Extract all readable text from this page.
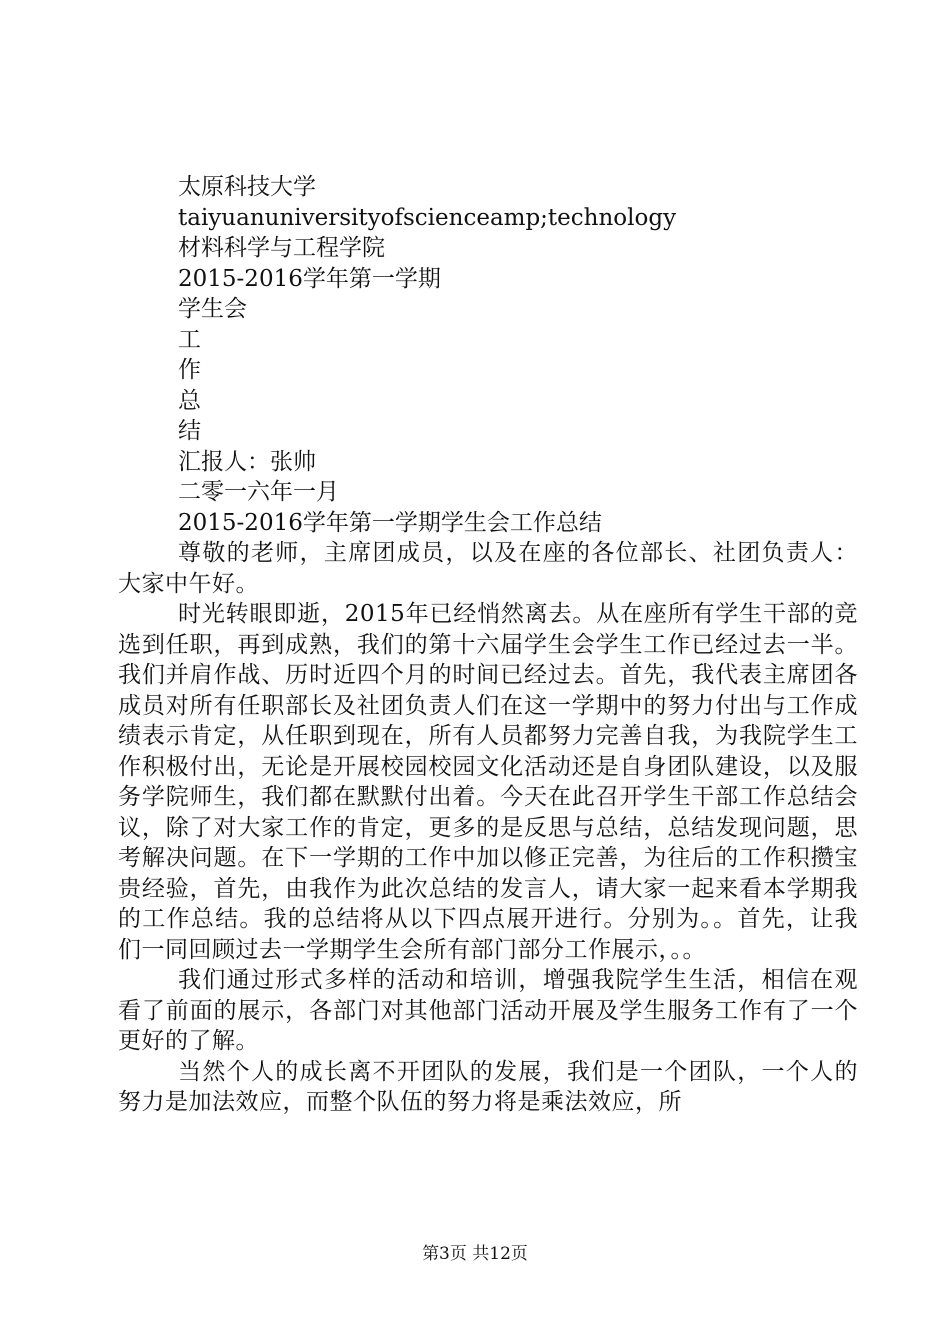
太原科技大学
taiyuanuniversityofscienceamp;technology
材料科学与工程学院
2015-2016学年第一学期
学生会
工
作
总
结
汇报人：张帅
二零一六年一月
2015-2016学年第一学期学生会工作总结

尊敬的老师，主席团成员，以及在座的各位部长、社团负责人：大家中午好。

时光转眼即逝，2015年已经悄然离去。从在座所有学生干部的竞选到任职，再到成熟，我们的第十六届学生会学生工作已经过去一半。我们并肩作战、历时近四个月的时间已经过去。首先，我代表主席团各成员对所有任职部长及社团负责人们在这一学期中的努力付出与工作成绩表示肯定，从任职到现在，所有人员都努力完善自我，为我院学生工作积极付出，无论是开展校园校园文化活动还是自身团队建设，以及服务学院师生，我们都在默默付出着。今天在此召开学生干部工作总结会议，除了对大家工作的肯定，更多的是反思与总结，总结发现问题，思考解决问题。在下一学期的工作中加以修正完善，为往后的工作积攒宝贵经验，首先，由我作为此次总结的发言人，请大家一起来看本学期我的工作总结。我的总结将从以下四点展开进行。分别为。。首先，让我们一同回顾过去一学期学生会所有部门部分工作展示，。。

我们通过形式多样的活动和培训，增强我院学生生活，相信在观看了前面的展示，各部门对其他部门活动开展及学生服务工作有了一个更好的了解。

当然个人的成长离不开团队的发展，我们是一个团队，一个人的努力是加法效应，而整个队伍的努力将是乘法效应，所

第3页 共12页
